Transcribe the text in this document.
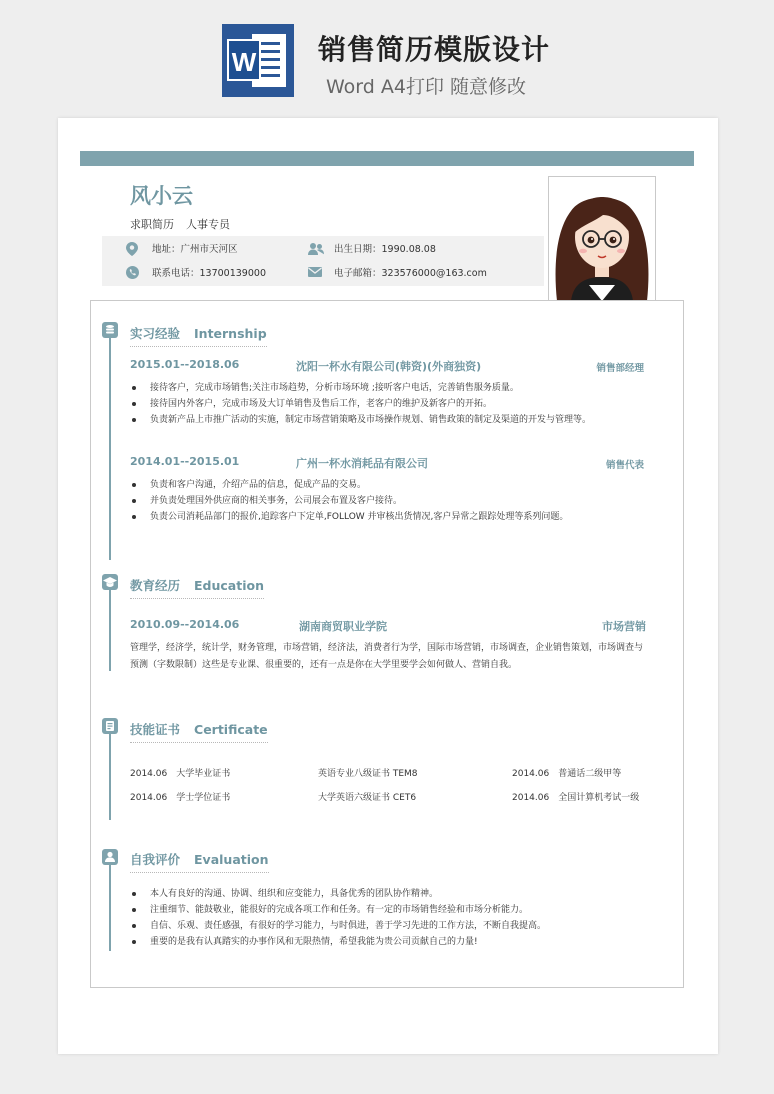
W 销售简历模版设计
Word A4打印 随意修改
风小云
求职简历 人事专员
地址：广州市天河区	出生日期：1990.08.08
联系电话：13700139000	电子邮箱：323576000@163.com
实习经验 Internship
2015.01--2018.06	沈阳一杯水有限公司(韩资)(外商独资)	销售部经理
接待客户，完成市场销售;关注市场趋势，分析市场环境 ;接听客户电话，完善销售服务质量。
接待国内外客户，完成市场及大订单销售及售后工作，老客户的维护及新客户的开拓。
负责新产品上市推广活动的实施，制定市场营销策略及市场操作规划、销售政策的制定及渠道的开发与管理等。
2014.01--2015.01	广州一杯水消耗品有限公司	销售代表
负责和客户沟通，介绍产品的信息，促成产品的交易。
并负责处理国外供应商的相关事务，公司展会布置及客户接待。
负责公司消耗品部门的报价,追踪客户下定单,FOLLOW 并审核出货情况,客户异常之跟踪处理等系列问题。
教育经历 Education
2010.09--2014.06	湖南商贸职业学院	市场营销
管理学，经济学，统计学，财务管理，市场营销，经济法，消费者行为学，国际市场营销，市场调查，企业销售策划，市场调查与预测（字数限制）这些是专业课、很重要的，还有一点是你在大学里要学会如何做人、营销自我。
技能证书 Certificate
2014.06　大学毕业证书	英语专业八级证书 TEM8	2014.06　普通话二级甲等
2014.06　学士学位证书	大学英语六级证书 CET6	2014.06　全国计算机考试一级
自我评价 Evaluation
本人有良好的沟通、协调、组织和应变能力，具备优秀的团队协作精神。
注重细节、能鼓敬业，能很好的完成各项工作和任务。有一定的市场销售经验和市场分析能力。
自信、乐观、责任感强，有很好的学习能力，与时俱进，善于学习先进的工作方法，不断自我提高。
重要的是我有认真踏实的办事作风和无限热情，希望我能为贵公司贡献自己的力量!
